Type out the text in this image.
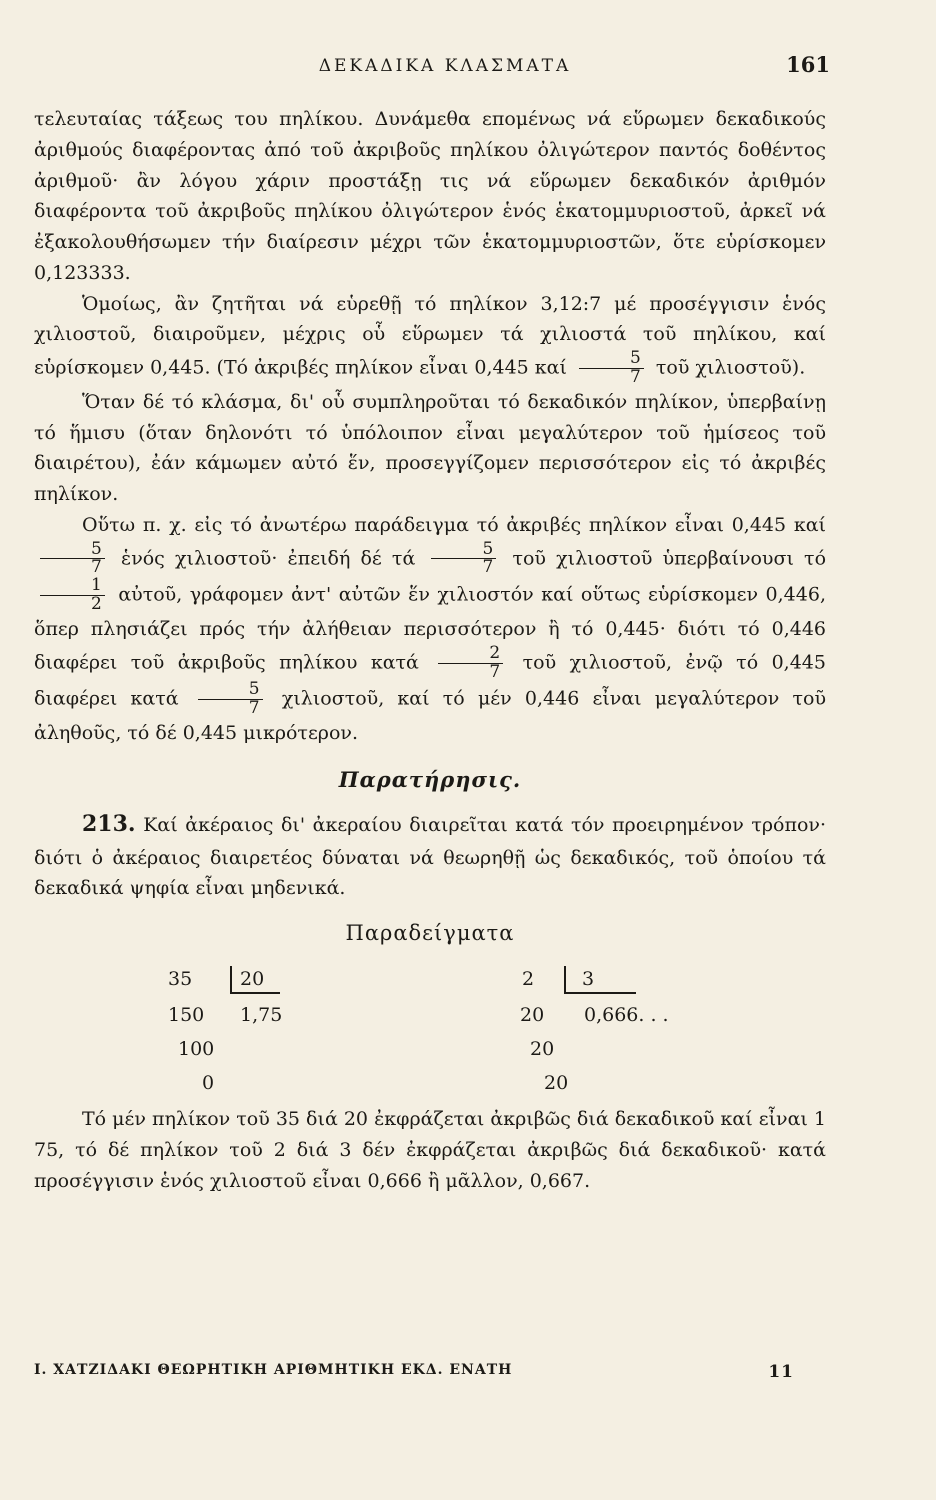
ΔΕΚΑΔΙΚΑ ΚΛΑΣΜΑΤΑ	161

τελευταίας τάξεως του πηλίκου. Δυνάμεθα επομένως νά εὕρωμεν δεκαδικούς ἀριθμούς διαφέροντας ἀπό τοῦ ἀκριβοῦς πηλίκου ὀλιγώτερον παντός δοθέντος ἀριθμοῦ· ἂν λόγου χάριν προστάξῃ τις νά εὕρωμεν δεκαδικόν ἀριθμόν διαφέροντα τοῦ ἀκριβοῦς πηλίκου ὀλιγώτερον ἑνός ἑκατομμυριοστοῦ, ἀρκεῖ νά ἐξακολουθήσωμεν τήν διαίρεσιν μέχρι τῶν ἑκατομμυριοστῶν, ὅτε εὑρίσκομεν 0,123333.

Ὁμοίως, ἂν ζητῆται νά εὑρεθῇ τό πηλίκον 3,12:7 μέ προσέγγισιν ἑνός χιλιοστοῦ, διαιροῦμεν, μέχρις οὗ εὕρωμεν τά χιλιοστά τοῦ πηλίκου, καί εὑρίσκομεν 0,445. (Τό ἀκριβές πηλίκον εἶναι 0,445 καί $\frac{5}{7}$ τοῦ χιλιοστοῦ).

Ὅταν δέ τό κλάσμα, δι' οὗ συμπληροῦται τό δεκαδικόν πηλίκον, ὑπερβαίνῃ τό ἥμισυ (ὅταν δηλονότι τό ὑπόλοιπον εἶναι μεγαλύτερον τοῦ ἡμίσεος τοῦ διαιρέτου), ἐάν κάμωμεν αὐτό ἕν, προσεγγίζομεν περισσότερον εἰς τό ἀκριβές πηλίκον.

Οὕτω π. χ. εἰς τό ἀνωτέρω παράδειγμα τό ἀκριβές πηλίκον εἶναι 0,445 καί
$\frac{5}{7}$ ἑνός χιλιοστοῦ· ἐπειδή δέ τά $\frac{5}{7}$ τοῦ χιλιοστοῦ ὑπερβαίνουσι τό
$\frac{1}{2}$ αὐτοῦ, γράφομεν ἀντ' αὐτῶν ἕν χιλιοστόν καί οὕτως εὑρίσκομεν 0,446, ὅπερ πλησιάζει πρός τήν ἀλήθειαν περισσότερον ἢ τό 0,445· διότι τό 0,446 διαφέρει τοῦ ἀκριβοῦς πηλίκου κατά $\frac{2}{7}$ τοῦ χιλιοστοῦ, ἐνῷ τό 0,445 διαφέρει κατά $\frac{5}{7}$ χιλιοστοῦ, καί τό μέν 0,446 εἶναι μεγαλύτερον τοῦ ἀληθοῦς, τό δέ 0,445 μικρότερον.

Παρατήρησις.

213. Καί ἀκέραιος δι' ἀκεραίου διαιρεῖται κατά τόν προειρημένον τρόπον· διότι ὁ ἀκέραιος διαιρετέος δύναται νά θεωρηθῇ ὡς δεκαδικός, τοῦ ὁποίου τά δεκαδικά ψηφία εἶναι μηδενικά.

Παραδείγματα
35	20
150 1,75
100
0
2	3
20 0,666. . .
20
20

Τό μέν πηλίκον τοῦ 35 διά 20 ἐκφράζεται ἀκριβῶς διά δεκαδικοῦ καί εἶναι 1 75, τό δέ πηλίκον τοῦ 2 διά 3 δέν ἐκφράζεται ἀκριβῶς διά δεκαδικοῦ· κατά προσέγγισιν ἑνός χιλιοστοῦ εἶναι 0,666 ἢ μᾶλλον, 0,667.

Ι. ΧΑΤΖΙΔΑΚΙ ΘΕΩΡΗΤΙΚΗ ΑΡΙΘΜΗΤΙΚΗ ΕΚΔ. ΕΝΑΤΗ	11
